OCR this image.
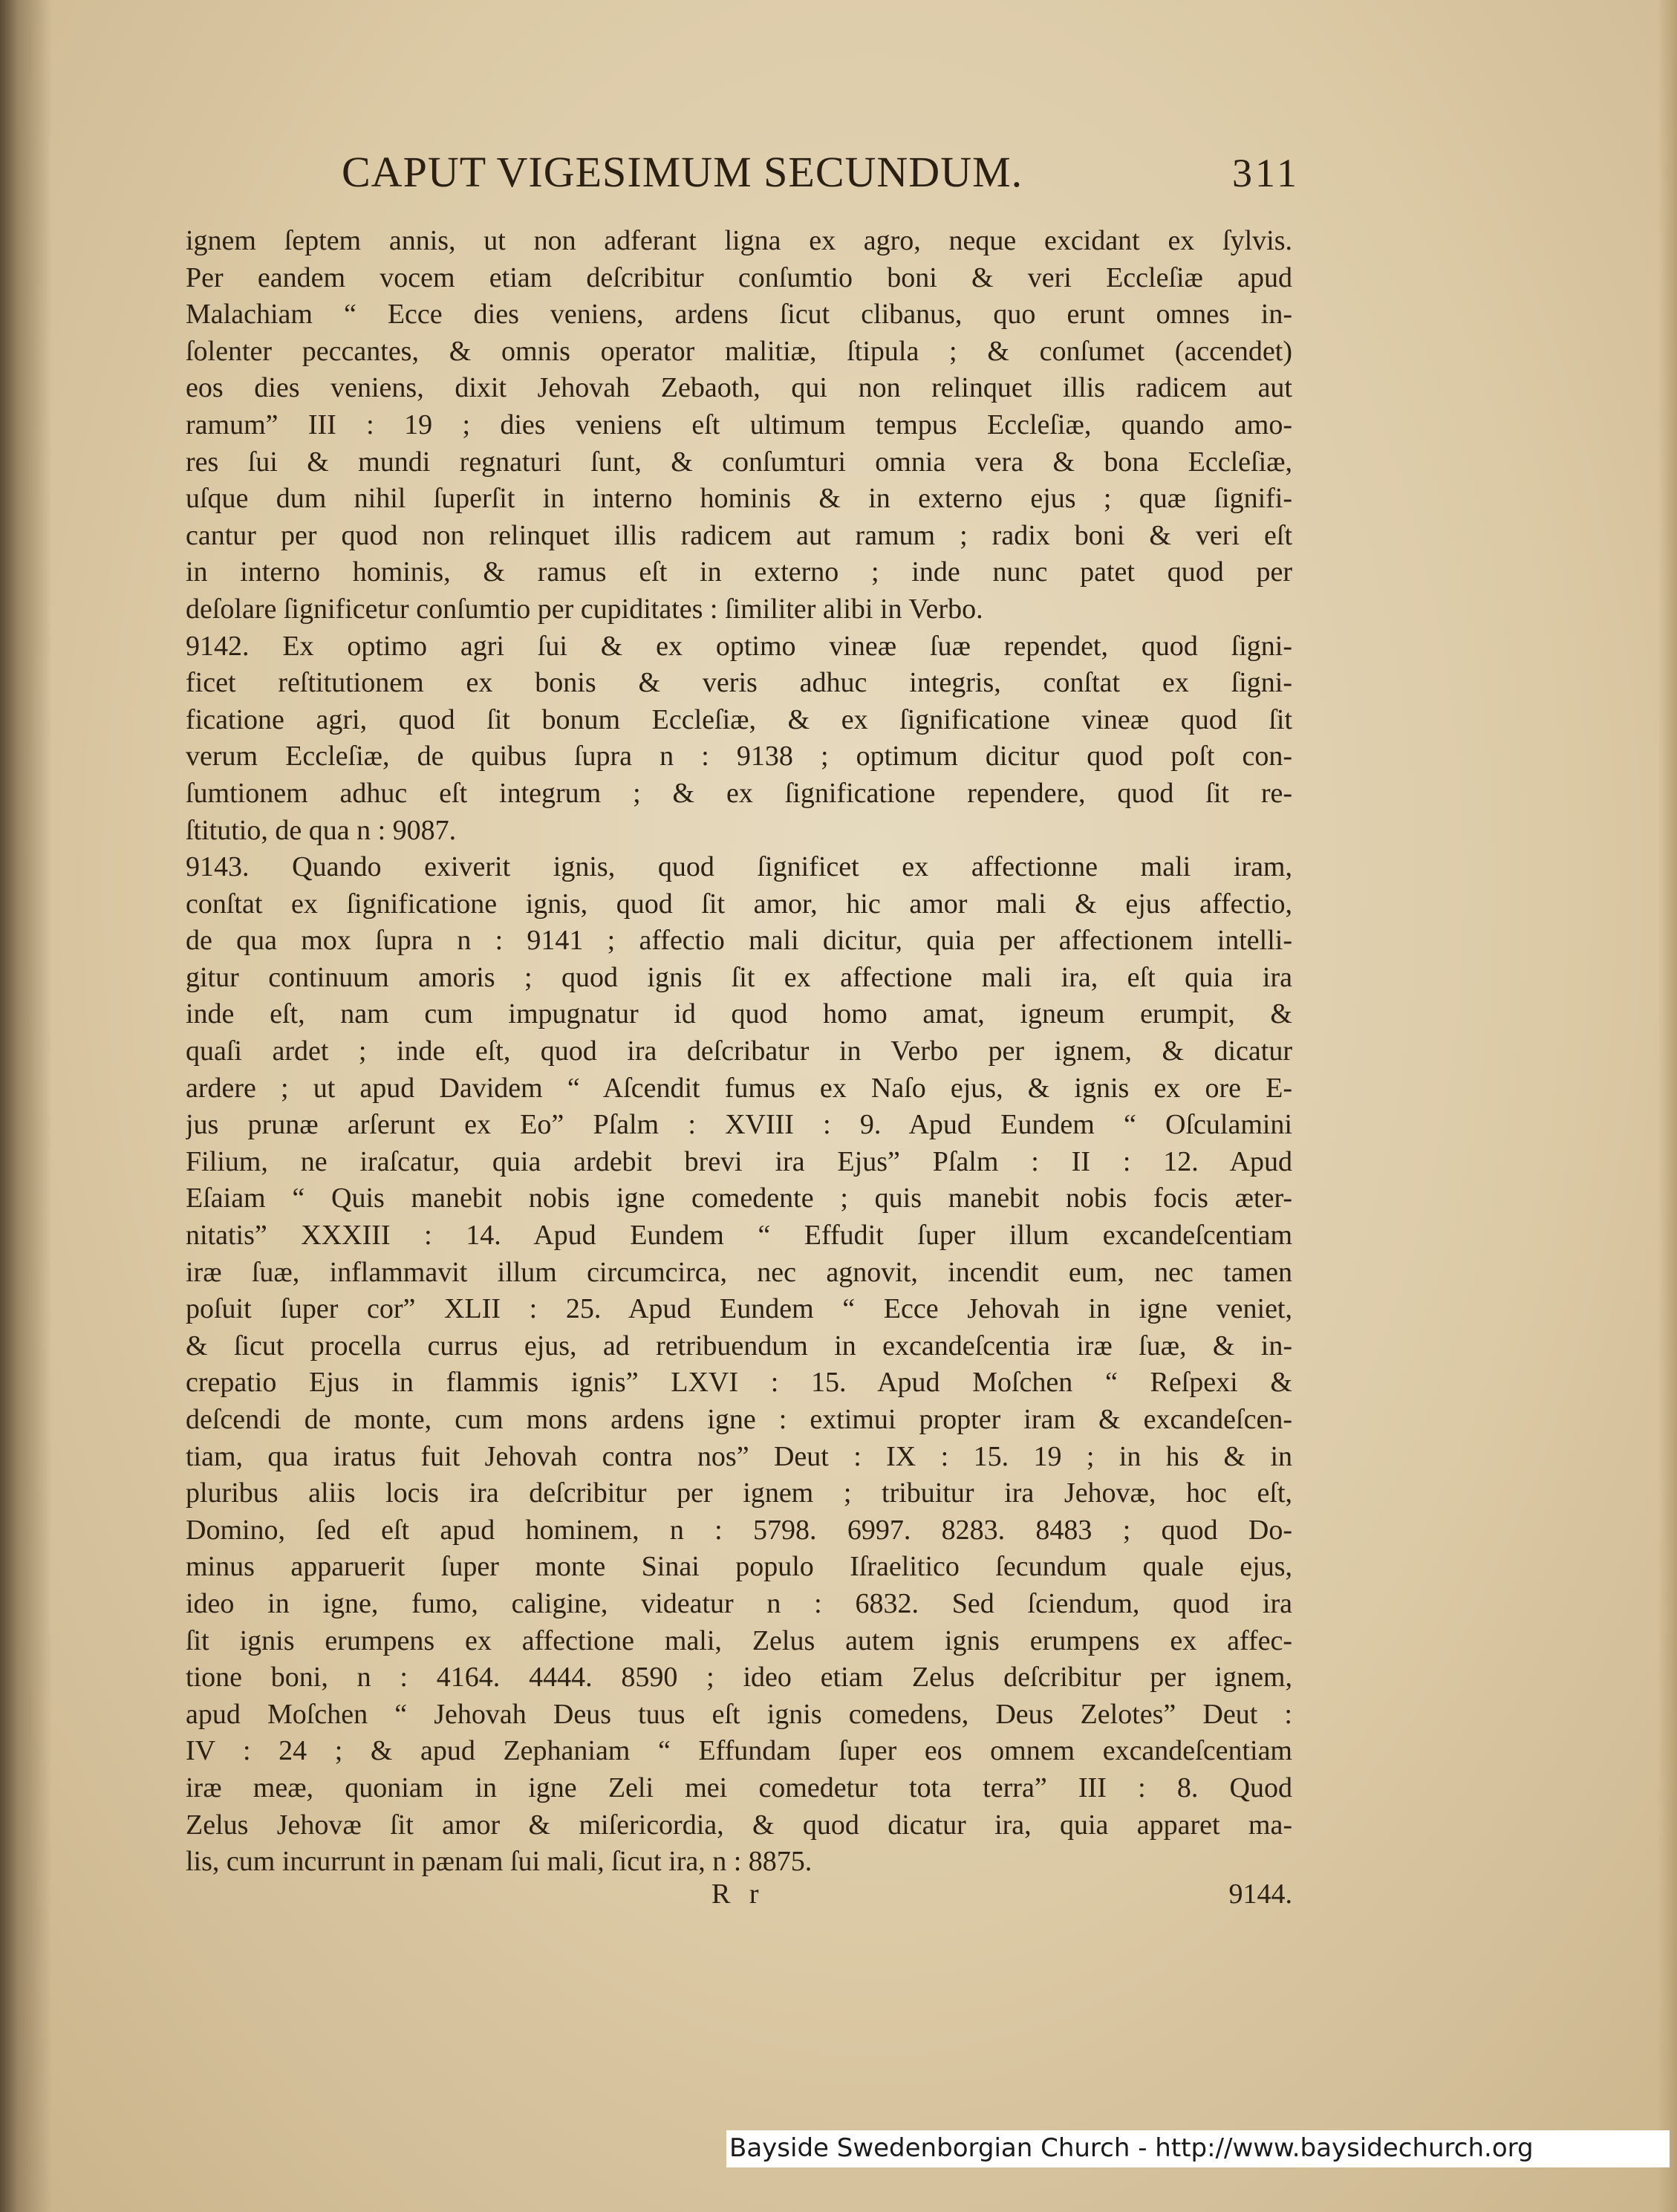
CAPUT VIGESIMUM SECUNDUM.	311
ignem ſeptem annis, ut non adferant ligna ex agro, neque excidant ex ſylvis.
Per eandem vocem etiam deſcribitur conſumtio boni & veri Eccleſiæ apud
Malachiam “ Ecce dies veniens, ardens ſicut clibanus, quo erunt omnes in-
ſolenter peccantes, & omnis operator malitiæ, ſtipula ; & conſumet (accendet)
eos dies veniens, dixit Jehovah Zebaoth, qui non relinquet illis radicem aut
ramum” III : 19 ; dies veniens eſt ultimum tempus Eccleſiæ, quando amo-
res ſui & mundi regnaturi ſunt, & conſumturi omnia vera & bona Eccleſiæ,
uſque dum nihil ſuperſit in interno hominis & in externo ejus ; quæ ſignifi-
cantur per quod non relinquet illis radicem aut ramum ; radix boni & veri eſt
in interno hominis, & ramus eſt in externo ; inde nunc patet quod per
deſolare ſignificetur conſumtio per cupiditates : ſimiliter alibi in Verbo.
9142. Ex optimo agri ſui & ex optimo vineæ ſuæ rependet, quod ſigni-
ficet reſtitutionem ex bonis & veris adhuc integris, conſtat ex ſigni-
ficatione agri, quod ſit bonum Eccleſiæ, & ex ſignificatione vineæ quod ſit
verum Eccleſiæ, de quibus ſupra n : 9138 ; optimum dicitur quod poſt con-
ſumtionem adhuc eſt integrum ; & ex ſignificatione rependere, quod ſit re-
ſtitutio, de qua n : 9087.
9143. Quando exiverit ignis, quod ſignificet ex affectionne mali iram,
conſtat ex ſignificatione ignis, quod ſit amor, hic amor mali & ejus affectio,
de qua mox ſupra n : 9141 ; affectio mali dicitur, quia per affectionem intelli-
gitur continuum amoris ; quod ignis ſit ex affectione mali ira, eſt quia ira
inde eſt, nam cum impugnatur id quod homo amat, igneum erumpit, &
quaſi ardet ; inde eſt, quod ira deſcribatur in Verbo per ignem, & dicatur
ardere ; ut apud Davidem “ Aſcendit fumus ex Naſo ejus, & ignis ex ore E-
jus prunæ arſerunt ex Eo” Pſalm : XVIII : 9. Apud Eundem “ Oſculamini
Filium, ne iraſcatur, quia ardebit brevi ira Ejus” Pſalm : II : 12. Apud
Eſaiam “ Quis manebit nobis igne comedente ; quis manebit nobis focis æter-
nitatis” XXXIII : 14. Apud Eundem “ Effudit ſuper illum excandeſcentiam
iræ ſuæ, inflammavit illum circumcirca, nec agnovit, incendit eum, nec tamen
poſuit ſuper cor” XLII : 25. Apud Eundem “ Ecce Jehovah in igne veniet,
& ſicut procella currus ejus, ad retribuendum in excandeſcentia iræ ſuæ, & in-
crepatio Ejus in flammis ignis” LXVI : 15. Apud Moſchen “ Reſpexi &
deſcendi de monte, cum mons ardens igne : extimui propter iram & excandeſcen-
tiam, qua iratus fuit Jehovah contra nos” Deut : IX : 15. 19 ; in his & in
pluribus aliis locis ira deſcribitur per ignem ; tribuitur ira Jehovæ, hoc eſt,
Domino, ſed eſt apud hominem, n : 5798. 6997. 8283. 8483 ; quod Do-
minus apparuerit ſuper monte Sinai populo Iſraelitico ſecundum quale ejus,
ideo in igne, fumo, caligine, videatur n : 6832. Sed ſciendum, quod ira
ſit ignis erumpens ex affectione mali, Zelus autem ignis erumpens ex affec-
tione boni, n : 4164. 4444. 8590 ; ideo etiam Zelus deſcribitur per ignem,
apud Moſchen “ Jehovah Deus tuus eſt ignis comedens, Deus Zelotes” Deut :
IV : 24 ; & apud Zephaniam “ Effundam ſuper eos omnem excandeſcentiam
iræ meæ, quoniam in igne Zeli mei comedetur tota terra” III : 8. Quod
Zelus Jehovæ ſit amor & miſericordia, & quod dicatur ira, quia apparet ma-
lis, cum incurrunt in pænam ſui mali, ſicut ira, n : 8875.
R r	9144.
Bayside Swedenborgian Church - http://www.baysidechurch.org
